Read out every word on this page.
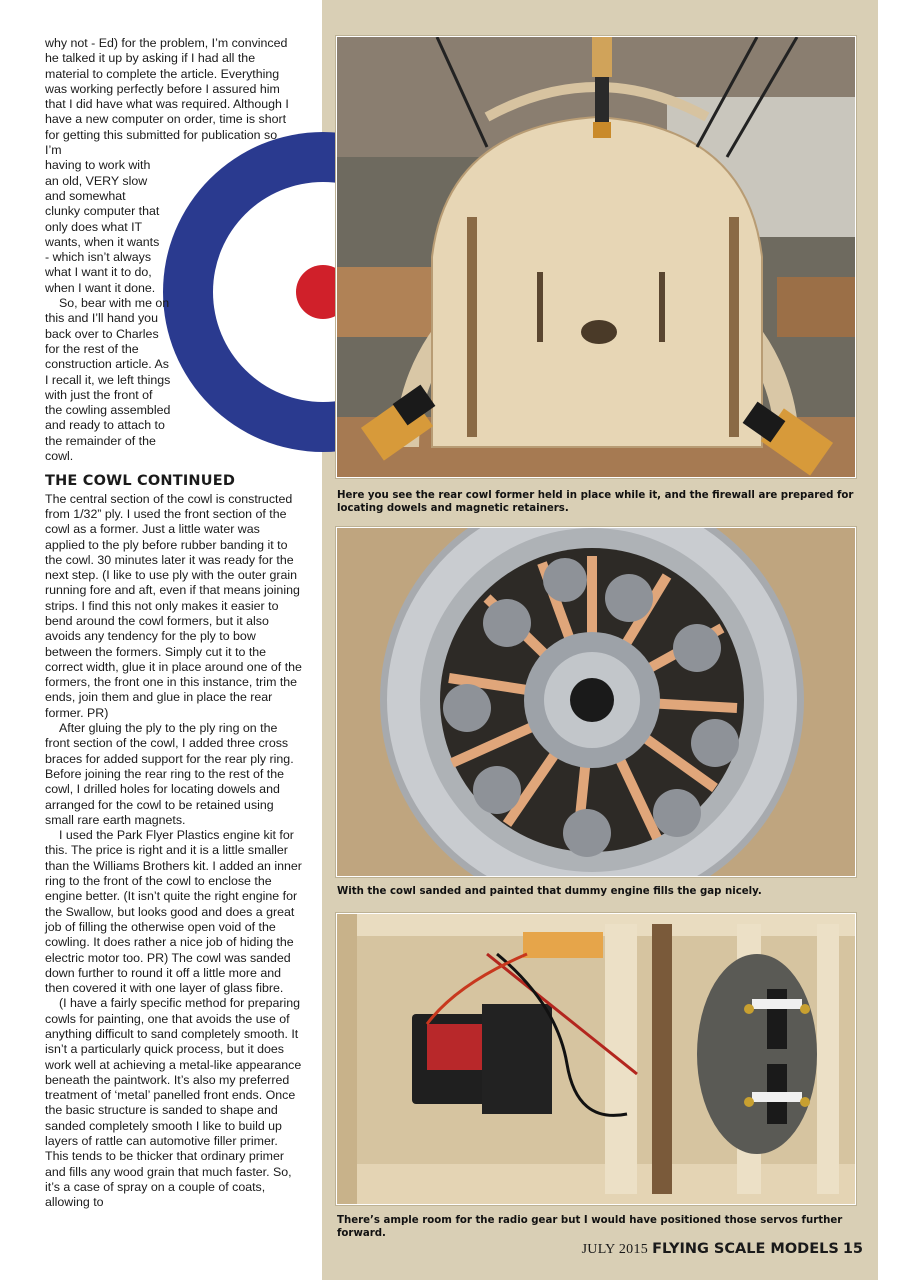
why not - Ed) for the problem, I’m convinced he talked it up by asking if I had all the material to complete the article. Everything was working perfectly before I assured him that I did have what was required. Although I have a new computer on order, time is short for getting this submitted for publication so I’m

having to work with an old, VERY slow and somewhat clunky computer that only does what IT wants, when it wants - which isn’t always what I want it to do, when I want it done.

So, bear with me on this and I’ll hand you back over to Charles for the rest of the construction article. As I recall it, we left things with just the front of the cowling assembled and ready to attach to the remainder of the cowl.

THE COWL CONTINUED

The central section of the cowl is constructed from 1/32” ply. I used the front section of the cowl as a former. Just a little water was applied to the ply before rubber banding it to the cowl. 30 minutes later it was ready for the next step. (I like to use ply with the outer grain running fore and aft, even if that means joining strips. I find this not only makes it easier to bend around the cowl formers, but it also avoids any tendency for the ply to bow between the formers. Simply cut it to the correct width, glue it in place around one of the formers, the front one in this instance, trim the ends, join them and glue in place the rear former. PR)

After gluing the ply to the ply ring on the front section of the cowl, I added three cross braces for added support for the rear ply ring. Before joining the rear ring to the rest of the cowl, I drilled holes for locating dowels and arranged for the cowl to be retained using small rare earth magnets.

I used the Park Flyer Plastics engine kit for this. The price is right and it is a little smaller than the Williams Brothers kit. I added an inner ring to the front of the cowl to enclose the engine better. (It isn’t quite the right engine for the Swallow, but looks good and does a great job of filling the otherwise open void of the cowling. It does rather a nice job of hiding the electric motor too. PR) The cowl was sanded down further to round it off a little more and then covered it with one layer of glass fibre.

(I have a fairly specific method for preparing cowls for painting, one that avoids the use of anything difficult to sand completely smooth. It isn’t a particularly quick process, but it does work well at achieving a metal-like appearance beneath the paintwork. It’s also my preferred treatment of ‘metal’ panelled front ends. Once the basic structure is sanded to shape and sanded completely smooth I like to build up layers of rattle can automotive filler primer. This tends to be thicker that ordinary primer and fills any wood grain that much faster. So, it’s a case of spray on a couple of coats, allowing to

Here you see the rear cowl former held in place while it, and the firewall are prepared for locating dowels and magnetic retainers.
With the cowl sanded and painted that dummy engine fills the gap nicely.
There’s ample room for the radio gear but I would have positioned those servos further forward.
JULY 2015 FLYING SCALE MODELS 15
